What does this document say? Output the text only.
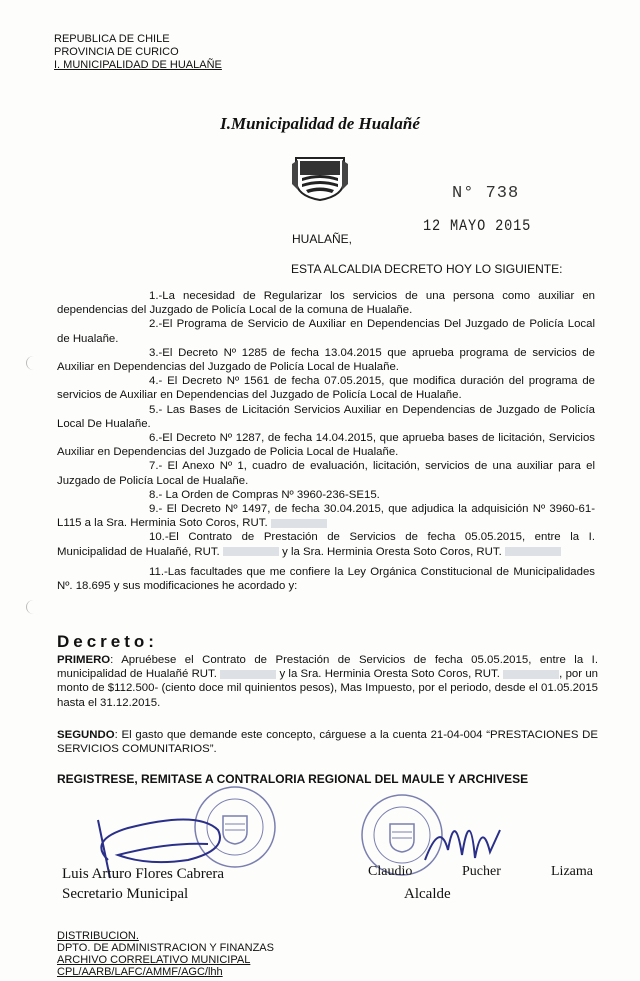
REPUBLICA DE CHILE
PROVINCIA DE CURICO
I. MUNICIPALIDAD DE HUALAÑE
I.Municipalidad de Hualañé
N° 738
12 MAYO 2015
HUALAÑE,
ESTA ALCALDIA DECRETO HOY LO SIGUIENTE:
1.-La necesidad de Regularizar los servicios de una persona como auxiliar en dependencias del Juzgado de Policía Local de la comuna de Hualañe.
2.-El Programa de Servicio de Auxiliar en Dependencias Del Juzgado de Policía Local de Hualañe.
3.-El Decreto Nº 1285 de fecha 13.04.2015 que aprueba programa de servicios de Auxiliar en Dependencias del Juzgado de Policía Local de Hualañe.
4.- El Decreto Nº 1561 de fecha 07.05.2015, que modifica duración del programa de servicios de Auxiliar en Dependencias del Juzgado de Policía Local de Hualañe.
5.- Las Bases de Licitación Servicios Auxiliar en Dependencias de Juzgado de Policía Local De Hualañe.
6.-El Decreto Nº 1287, de fecha 14.04.2015, que aprueba bases de licitación, Servicios Auxiliar en Dependencias del Juzgado de Policia Local de Hualañe.
7.- El Anexo Nº 1, cuadro de evaluación, licitación, servicios de una auxiliar para el Juzgado de Policía Local de Hualañe.
8.- La Orden de Compras Nº 3960-236-SE15.
9.- El Decreto Nº 1497, de fecha 30.04.2015, que adjudica la adquisición Nº 3960-61-L115 a la Sra. Herminia Soto Coros, RUT.
10.-El Contrato de Prestación de Servicios de fecha 05.05.2015, entre la I. Municipalidad de Hualañé, RUT.	y la Sra. Herminia Oresta Soto Coros, RUT.
11.-Las facultades que me confiere la Ley Orgánica Constitucional de Municipalidades Nº. 18.695 y sus modificaciones he acordado y:
Decreto:
PRIMERO: Apruébese el Contrato de Prestación de Servicios de fecha 05.05.2015, entre la I. municipalidad de Hualañé RUT.	y la Sra. Herminia Oresta Soto Coros, RUT.	, por un monto de $112.500- (ciento doce mil quinientos pesos), Mas Impuesto, por el periodo, desde el 01.05.2015 hasta el 31.12.2015.
SEGUNDO: El gasto que demande este concepto, cárguese a la cuenta 21-04-004 “PRESTACIONES DE SERVICIOS COMUNITARIOS”.
REGISTRESE, REMITASE A CONTRALORIA REGIONAL DEL MAULE Y ARCHIVESE
Luis Arturo Flores Cabrera
Secretario Municipal
Claudio	Pucher	Lizama
Alcalde
DISTRIBUCION.
DPTO. DE ADMINISTRACION Y FINANZAS
ARCHIVO CORRELATIVO MUNICIPAL
CPL/AARB/LAFC/AMMF/AGC/lhh
